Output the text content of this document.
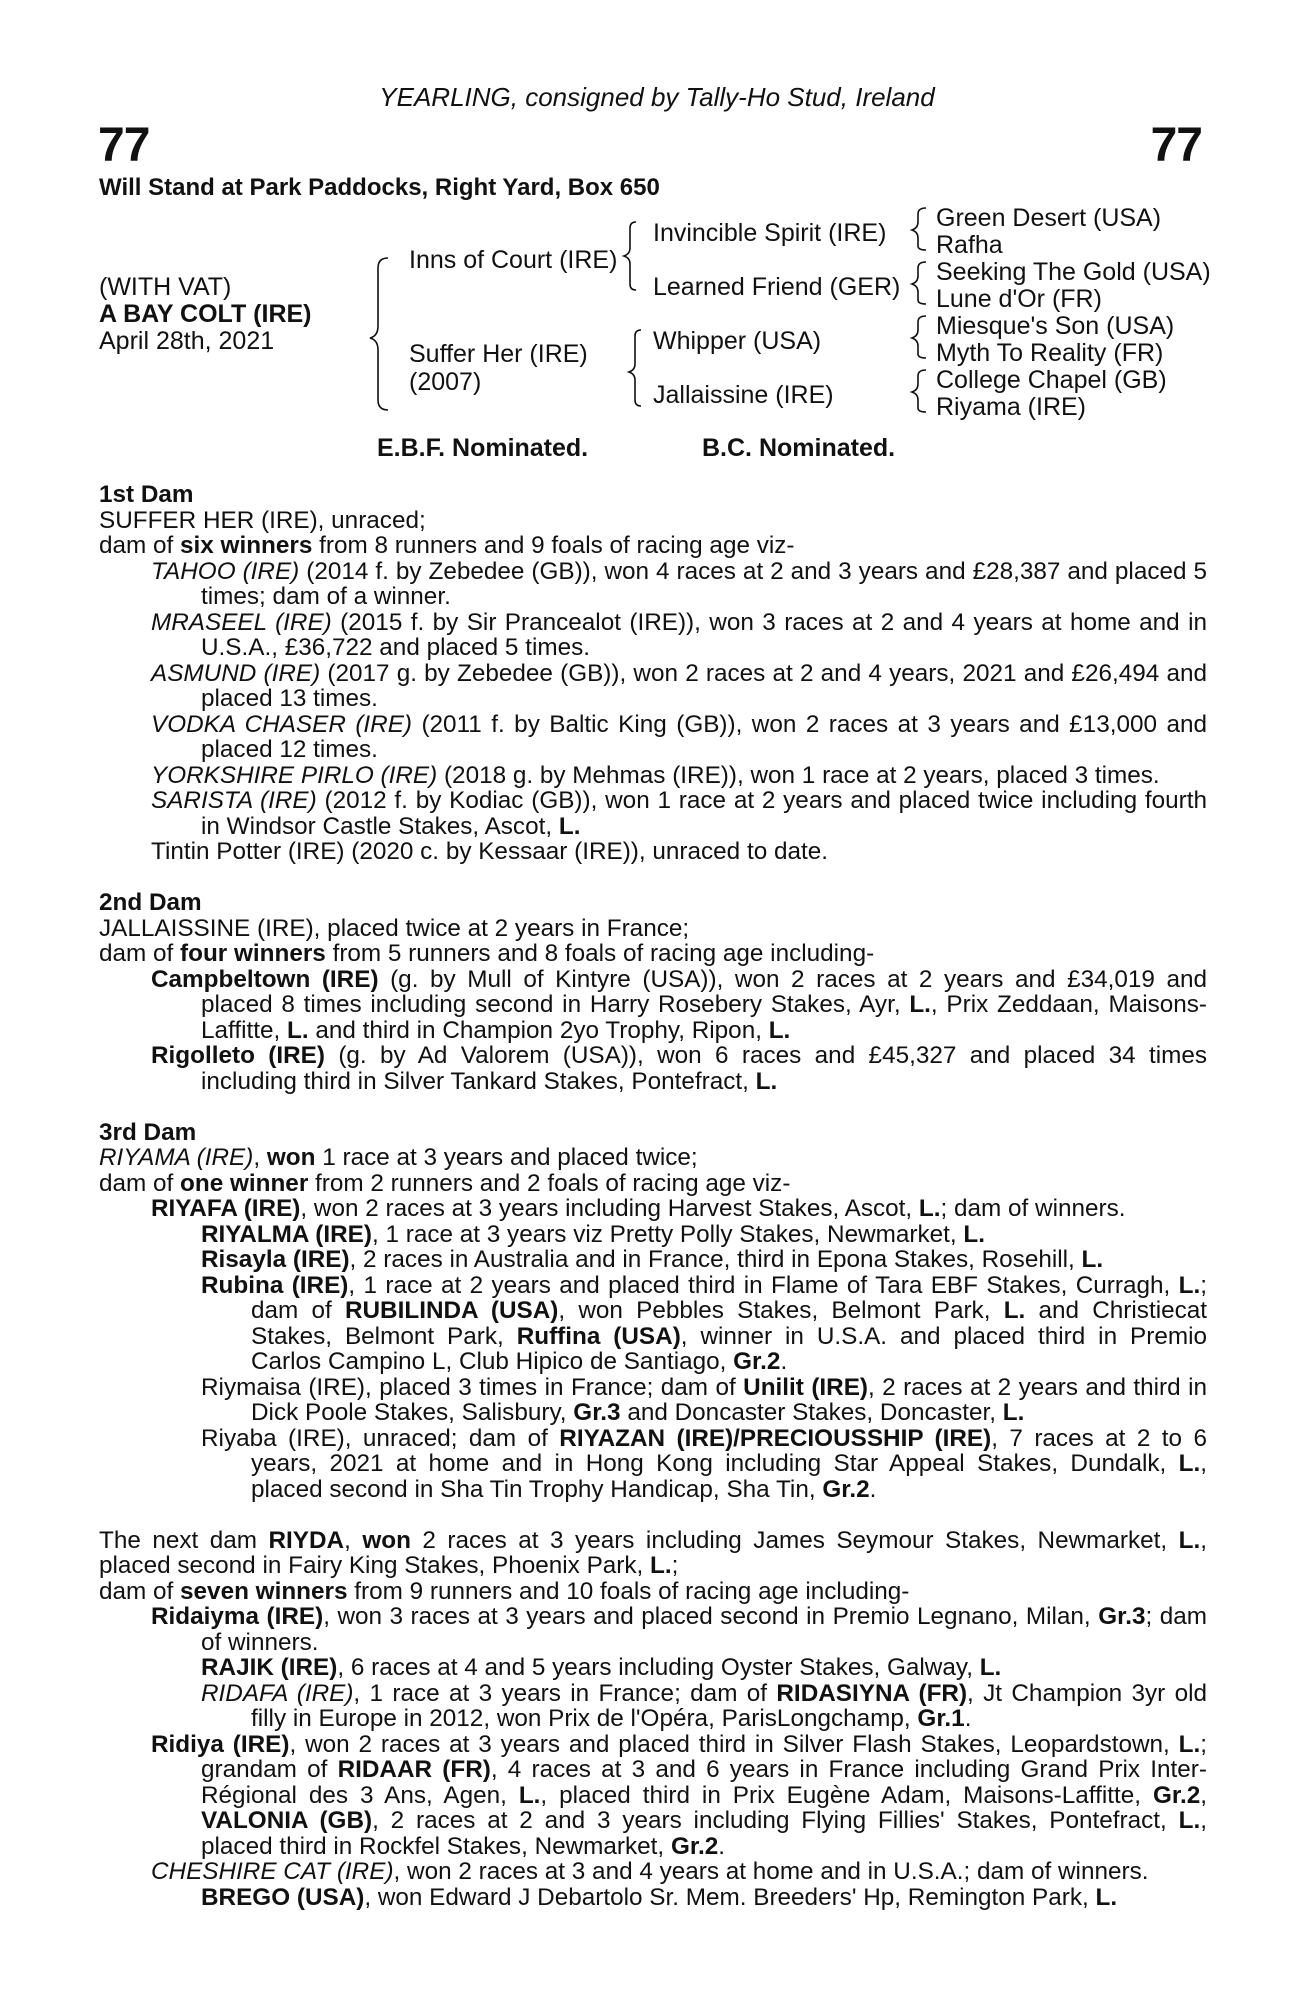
YEARLING, consigned by Tally-Ho Stud, Ireland
77	77
Will Stand at Park Paddocks, Right Yard, Box 650
(WITH VAT)
A BAY COLT (IRE)
April 28th, 2021
Inns of Court (IRE)
Suffer Her (IRE)
(2007)
Invincible Spirit (IRE)
Learned Friend (GER)
Whipper (USA)
Jallaissine (IRE)
Green Desert (USA)
Rafha
Seeking The Gold (USA)
Lune d'Or (FR)
Miesque's Son (USA)
Myth To Reality (FR)
College Chapel (GB)
Riyama (IRE)
E.B.F. Nominated.	B.C. Nominated.

1st Dam

SUFFER HER (IRE), unraced;

dam of six winners from 8 runners and 9 foals of racing age viz-

TAHOO (IRE) (2014 f. by Zebedee (GB)), won 4 races at 2 and 3 years and £28,387 and placed 5 times; dam of a winner.

MRASEEL (IRE) (2015 f. by Sir Prancealot (IRE)), won 3 races at 2 and 4 years at home and in U.S.A., £36,722 and placed 5 times.

ASMUND (IRE) (2017 g. by Zebedee (GB)), won 2 races at 2 and 4 years, 2021 and £26,494 and placed 13 times.

VODKA CHASER (IRE) (2011 f. by Baltic King (GB)), won 2 races at 3 years and £13,000 and placed 12 times.

YORKSHIRE PIRLO (IRE) (2018 g. by Mehmas (IRE)), won 1 race at 2 years, placed 3 times.

SARISTA (IRE) (2012 f. by Kodiac (GB)), won 1 race at 2 years and placed twice including fourth in Windsor Castle Stakes, Ascot, L.

Tintin Potter (IRE) (2020 c. by Kessaar (IRE)), unraced to date.

2nd Dam

JALLAISSINE (IRE), placed twice at 2 years in France;

dam of four winners from 5 runners and 8 foals of racing age including-

Campbeltown (IRE) (g. by Mull of Kintyre (USA)), won 2 races at 2 years and £34,019 and placed 8 times including second in Harry Rosebery Stakes, Ayr, L., Prix Zeddaan, Maisons-Laffitte, L. and third in Champion 2yo Trophy, Ripon, L.

Rigolleto (IRE) (g. by Ad Valorem (USA)), won 6 races and £45,327 and placed 34 times including third in Silver Tankard Stakes, Pontefract, L.

3rd Dam

RIYAMA (IRE), won 1 race at 3 years and placed twice;

dam of one winner from 2 runners and 2 foals of racing age viz-

RIYAFA (IRE), won 2 races at 3 years including Harvest Stakes, Ascot, L.; dam of winners.

RIYALMA (IRE), 1 race at 3 years viz Pretty Polly Stakes, Newmarket, L.

Risayla (IRE), 2 races in Australia and in France, third in Epona Stakes, Rosehill, L.

Rubina (IRE), 1 race at 2 years and placed third in Flame of Tara EBF Stakes, Curragh, L.; dam of RUBILINDA (USA), won Pebbles Stakes, Belmont Park, L. and Christiecat Stakes, Belmont Park, Ruffina (USA), winner in U.S.A. and placed third in Premio Carlos Campino L, Club Hipico de Santiago, Gr.2.

Riymaisa (IRE), placed 3 times in France; dam of Unilit (IRE), 2 races at 2 years and third in Dick Poole Stakes, Salisbury, Gr.3 and Doncaster Stakes, Doncaster, L.

Riyaba (IRE), unraced; dam of RIYAZAN (IRE)/PRECIOUSSHIP (IRE), 7 races at 2 to 6 years, 2021 at home and in Hong Kong including Star Appeal Stakes, Dundalk, L., placed second in Sha Tin Trophy Handicap, Sha Tin, Gr.2.

The next dam RIYDA, won 2 races at 3 years including James Seymour Stakes, Newmarket, L., placed second in Fairy King Stakes, Phoenix Park, L.;

dam of seven winners from 9 runners and 10 foals of racing age including-

Ridaiyma (IRE), won 3 races at 3 years and placed second in Premio Legnano, Milan, Gr.3; dam of winners.

RAJIK (IRE), 6 races at 4 and 5 years including Oyster Stakes, Galway, L.

RIDAFA (IRE), 1 race at 3 years in France; dam of RIDASIYNA (FR), Jt Champion 3yr old filly in Europe in 2012, won Prix de l'Opéra, ParisLongchamp, Gr.1.

Ridiya (IRE), won 2 races at 3 years and placed third in Silver Flash Stakes, Leopardstown, L.; grandam of RIDAAR (FR), 4 races at 3 and 6 years in France including Grand Prix Inter-Régional des 3 Ans, Agen, L., placed third in Prix Eugène Adam, Maisons-Laffitte, Gr.2, VALONIA (GB), 2 races at 2 and 3 years including Flying Fillies' Stakes, Pontefract, L., placed third in Rockfel Stakes, Newmarket, Gr.2.

CHESHIRE CAT (IRE), won 2 races at 3 and 4 years at home and in U.S.A.; dam of winners.

BREGO (USA), won Edward J Debartolo Sr. Mem. Breeders' Hp, Remington Park, L.
